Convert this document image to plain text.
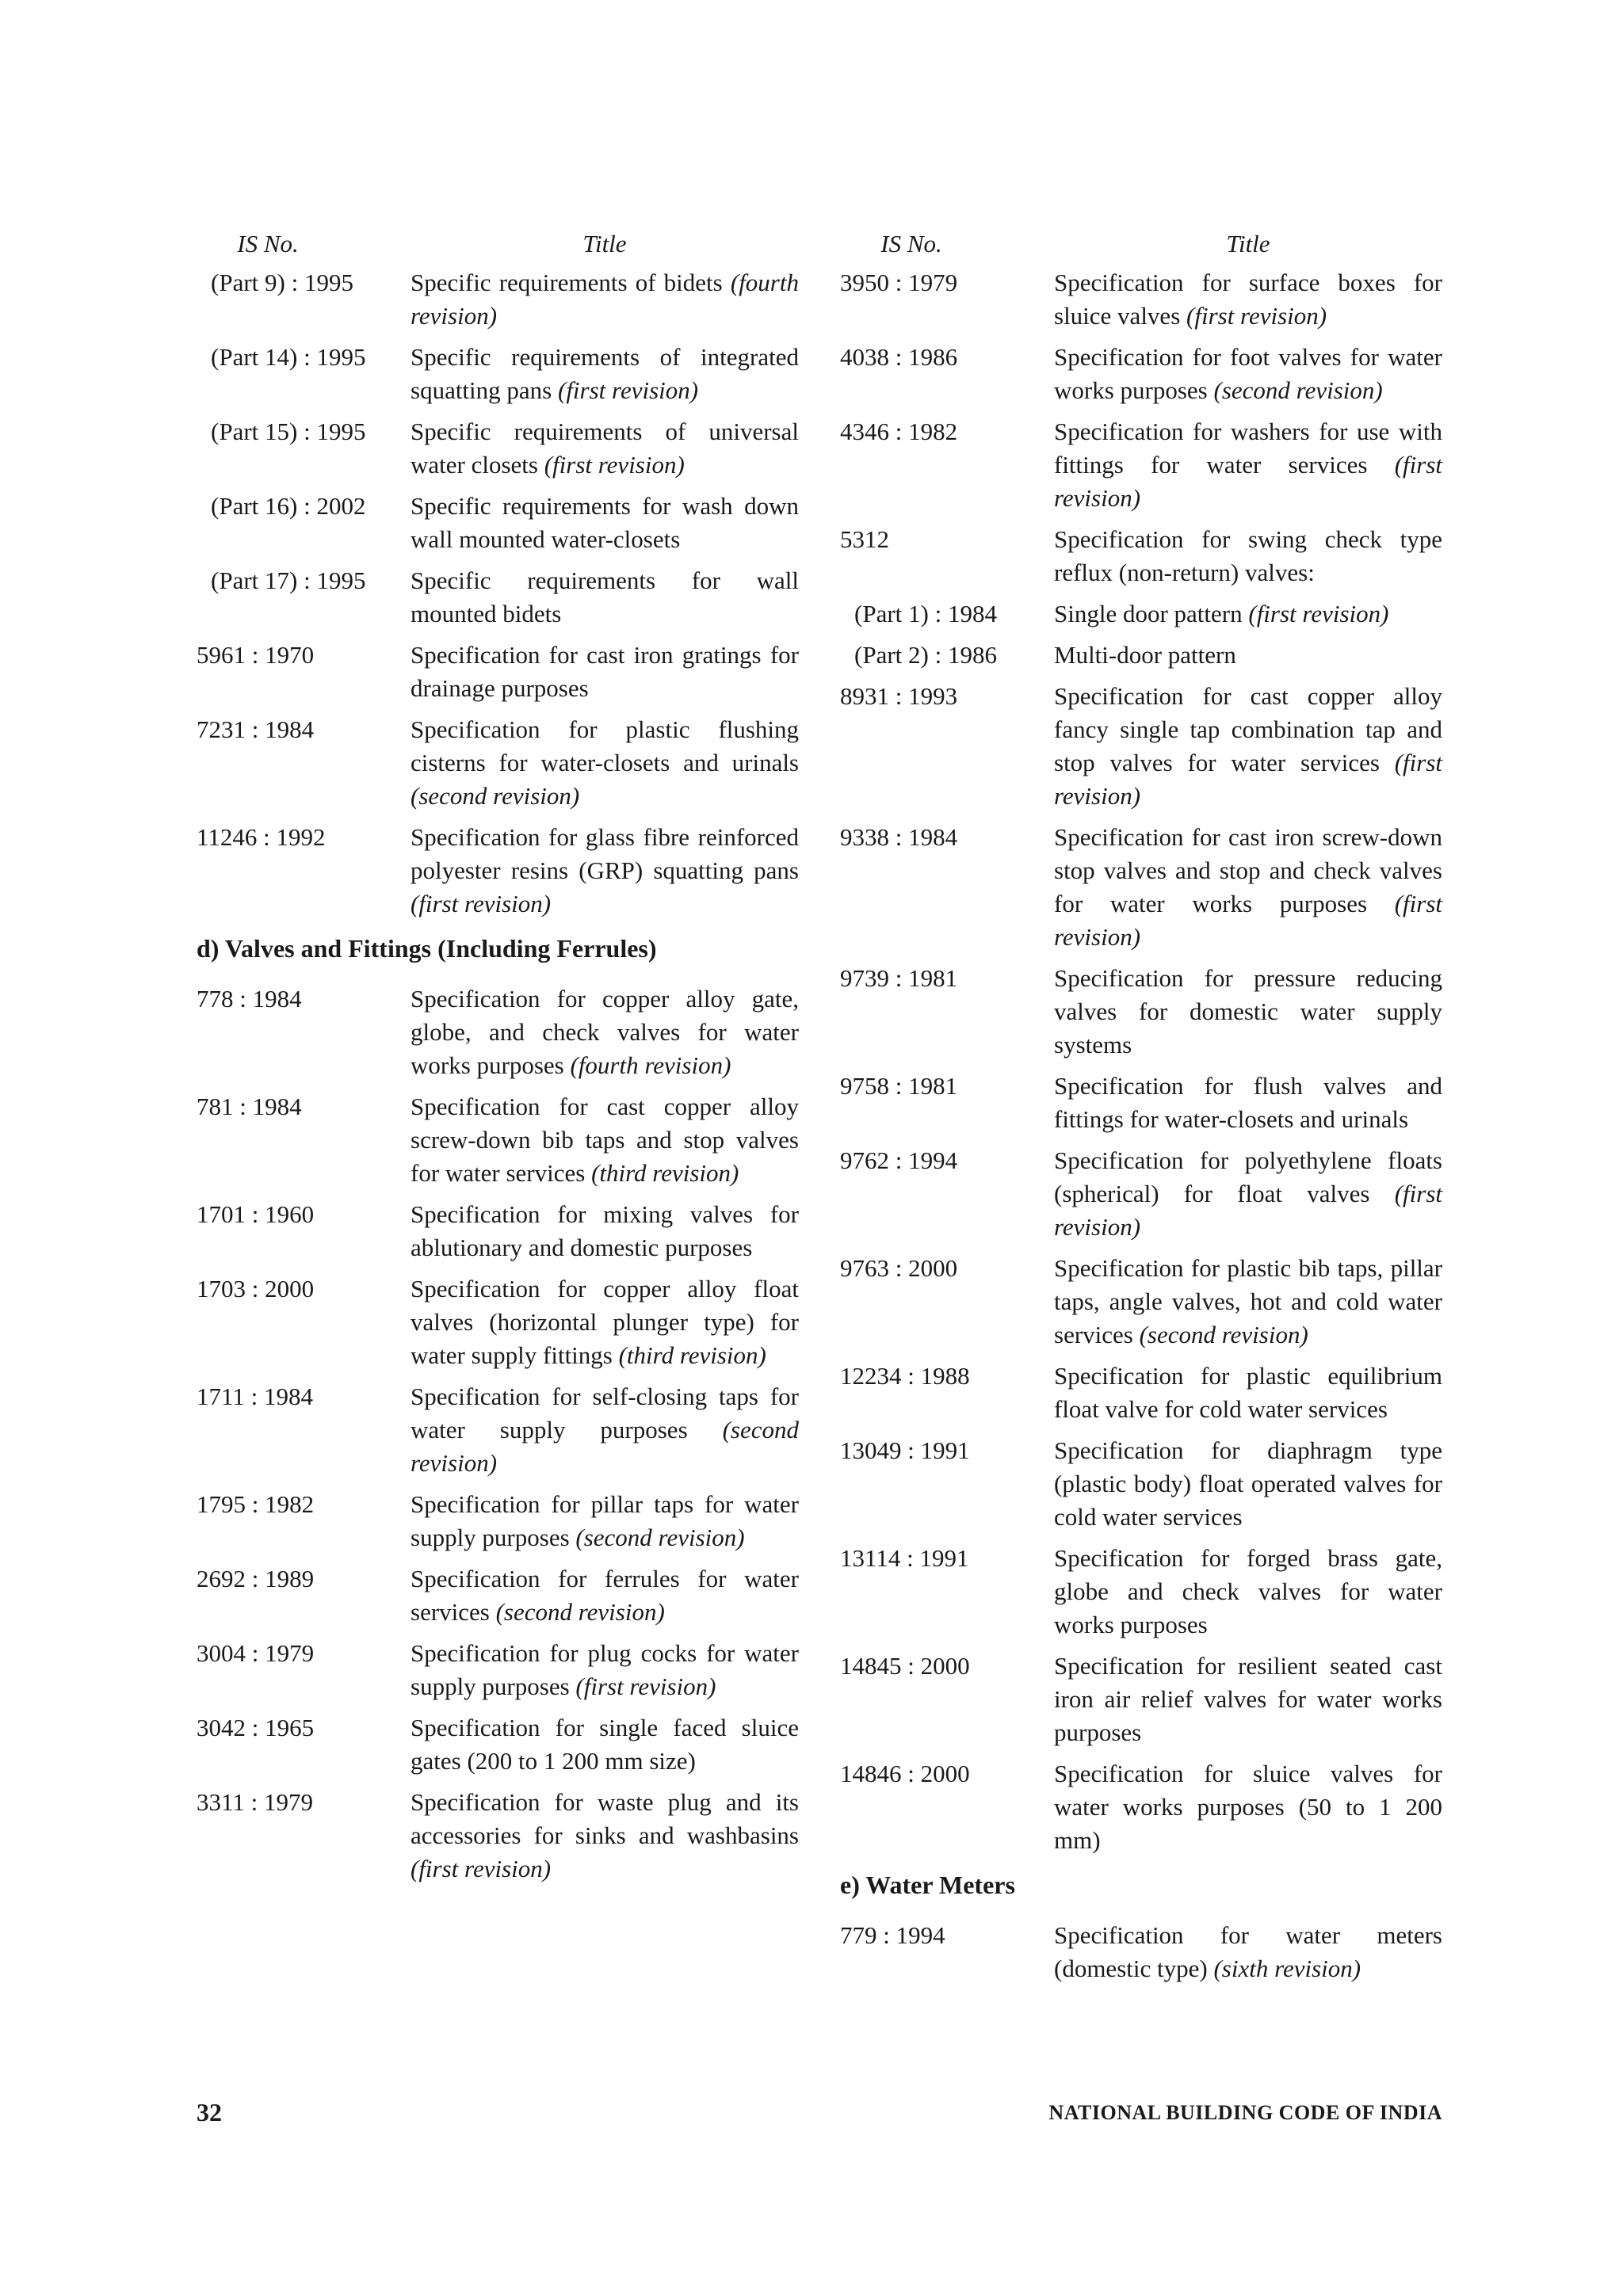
IS No.	Title
(Part 9) : 1995	Specific requirements of bidets (fourth revision)
(Part 14) : 1995	Specific requirements of integrated squatting pans (first revision)
(Part 15) : 1995	Specific requirements of universal water closets (first revision)
(Part 16) : 2002	Specific requirements for wash down wall mounted water-closets
(Part 17) : 1995	Specific requirements for wall mounted bidets
5961 : 1970	Specification for cast iron gratings for drainage purposes
7231 : 1984	Specification for plastic flushing cisterns for water-closets and urinals (second revision)
11246 : 1992	Specification for glass fibre reinforced polyester resins (GRP) squatting pans (first revision)
d) Valves and Fittings (Including Ferrules)
778 : 1984	Specification for copper alloy gate, globe, and check valves for water works purposes (fourth revision)
781 : 1984	Specification for cast copper alloy screw-down bib taps and stop valves for water services (third revision)
1701 : 1960	Specification for mixing valves for ablutionary and domestic purposes
1703 : 2000	Specification for copper alloy float valves (horizontal plunger type) for water supply fittings (third revision)
1711 : 1984	Specification for self-closing taps for water supply purposes (second revision)
1795 : 1982	Specification for pillar taps for water supply purposes (second revision)
2692 : 1989	Specification for ferrules for water services (second revision)
3004 : 1979	Specification for plug cocks for water supply purposes (first revision)
3042 : 1965	Specification for single faced sluice gates (200 to 1 200 mm size)
3311 : 1979	Specification for waste plug and its accessories for sinks and washbasins (first revision)
IS No.	Title
3950 : 1979	Specification for surface boxes for sluice valves (first revision)
4038 : 1986	Specification for foot valves for water works purposes (second revision)
4346 : 1982	Specification for washers for use with fittings for water services (first revision)
5312	Specification for swing check type reflux (non-return) valves:
(Part 1) : 1984	Single door pattern (first revision)
(Part 2) : 1986	Multi-door pattern
8931 : 1993	Specification for cast copper alloy fancy single tap combination tap and stop valves for water services (first revision)
9338 : 1984	Specification for cast iron screw-down stop valves and stop and check valves for water works purposes (first revision)
9739 : 1981	Specification for pressure reducing valves for domestic water supply systems
9758 : 1981	Specification for flush valves and fittings for water-closets and urinals
9762 : 1994	Specification for polyethylene floats (spherical) for float valves (first revision)
9763 : 2000	Specification for plastic bib taps, pillar taps, angle valves, hot and cold water services (second revision)
12234 : 1988	Specification for plastic equilibrium float valve for cold water services
13049 : 1991	Specification for diaphragm type (plastic body) float operated valves for cold water services
13114 : 1991	Specification for forged brass gate, globe and check valves for water works purposes
14845 : 2000	Specification for resilient seated cast iron air relief valves for water works purposes
14846 : 2000	Specification for sluice valves for water works purposes (50 to 1 200 mm)
e) Water Meters
779 : 1994	Specification for water meters (domestic type) (sixth revision)
32	NATIONAL BUILDING CODE OF INDIA
